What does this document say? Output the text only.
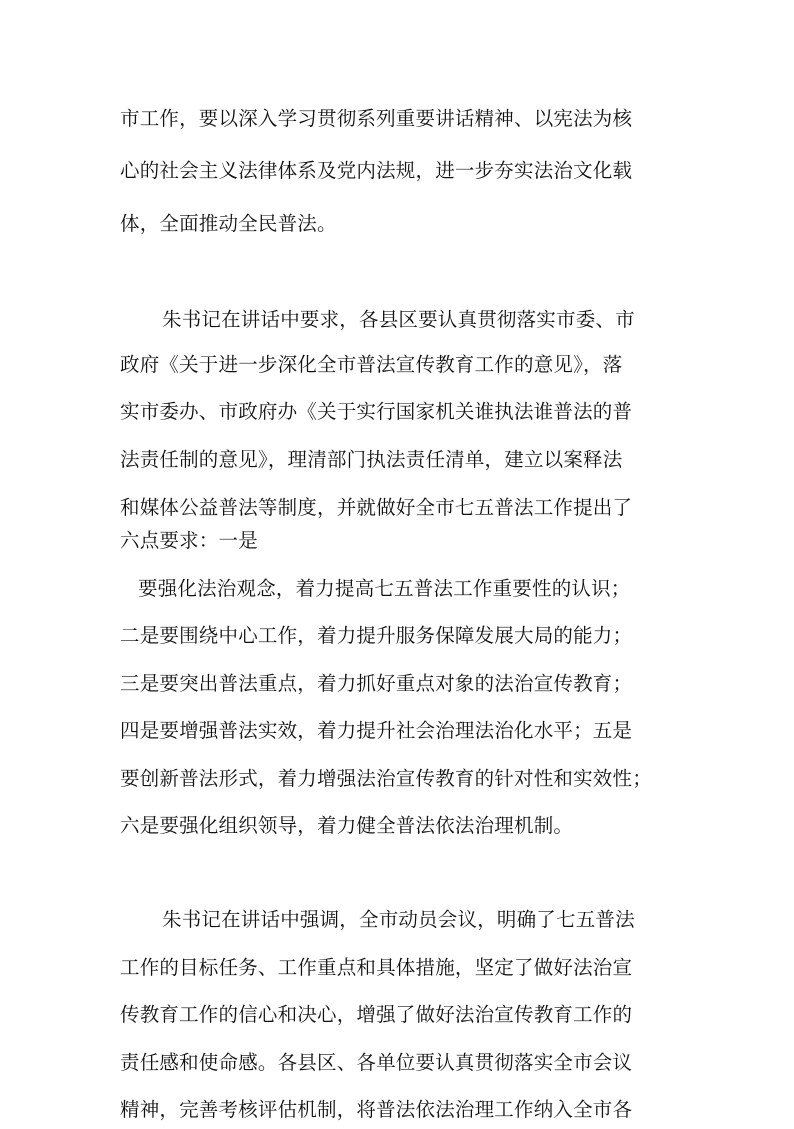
市工作，要以深入学习贯彻系列重要讲话精神、以宪法为核
心的社会主义法律体系及党内法规，进一步夯实法治文化载
体，全面推动全民普法。
朱书记在讲话中要求，各县区要认真贯彻落实市委、市
政府《关于进一步深化全市普法宣传教育工作的意见》，落
实市委办、市政府办《关于实行国家机关谁执法谁普法的普
法责任制的意见》，理清部门执法责任清单，建立以案释法
和媒体公益普法等制度，并就做好全市七五普法工作提出了
六点要求：一是
要强化法治观念，着力提高七五普法工作重要性的认识；
二是要围绕中心工作，着力提升服务保障发展大局的能力；
三是要突出普法重点，着力抓好重点对象的法治宣传教育；
四是要增强普法实效，着力提升社会治理法治化水平；五是
要创新普法形式，着力增强法治宣传教育的针对性和实效性；
六是要强化组织领导，着力健全普法依法治理机制。
朱书记在讲话中强调，全市动员会议，明确了七五普法
工作的目标任务、工作重点和具体措施，坚定了做好法治宣
传教育工作的信心和决心，增强了做好法治宣传教育工作的
责任感和使命感。各县区、各单位要认真贯彻落实全市会议
精神，完善考核评估机制，将普法依法治理工作纳入全市各
